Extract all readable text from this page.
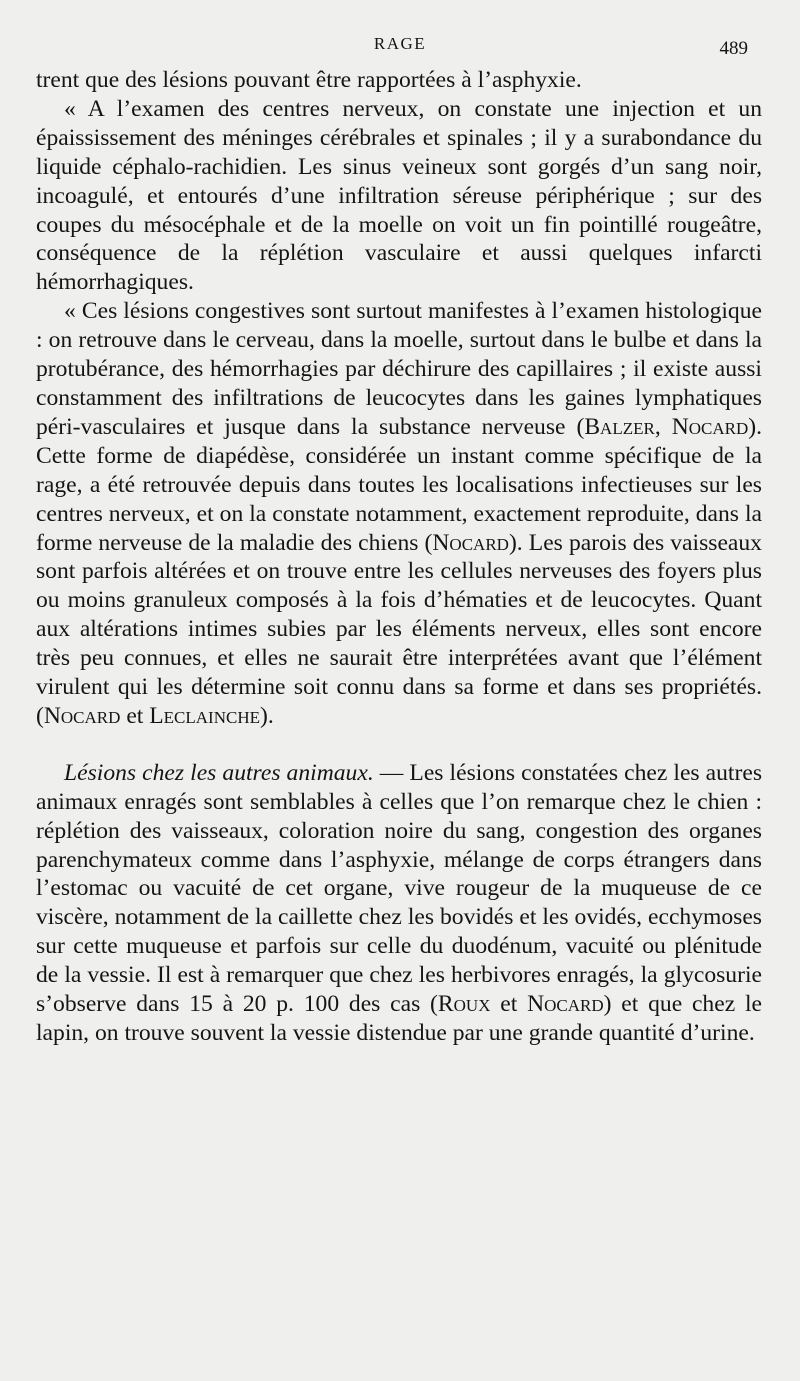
RAGE	489

trent que des lésions pouvant être rapportées à l’asphyxie.

« A l’examen des centres nerveux, on constate une injection et un épaississement des méninges cérébrales et spinales ; il y a surabondance du liquide céphalo-rachidien. Les sinus veineux sont gorgés d’un sang noir, incoagulé, et entourés d’une infiltration séreuse périphérique ; sur des coupes du mésocéphale et de la moelle on voit un fin pointillé rougeâtre, conséquence de la réplétion vasculaire et aussi quelques infarcti hémorrhagiques.

« Ces lésions congestives sont surtout manifestes à l’examen histologique : on retrouve dans le cerveau, dans la moelle, surtout dans le bulbe et dans la protubérance, des hémorrhagies par déchirure des capillaires ; il existe aussi constamment des infiltrations de leucocytes dans les gaines lymphatiques péri-vasculaires et jusque dans la substance nerveuse (Balzer, Nocard). Cette forme de diapédèse, considérée un instant comme spécifique de la rage, a été retrouvée depuis dans toutes les localisations infectieuses sur les centres nerveux, et on la constate notamment, exactement reproduite, dans la forme nerveuse de la maladie des chiens (Nocard). Les parois des vaisseaux sont parfois altérées et on trouve entre les cellules nerveuses des foyers plus ou moins granuleux composés à la fois d’hématies et de leucocytes. Quant aux altérations intimes subies par les éléments nerveux, elles sont encore très peu connues, et elles ne saurait être interprétées avant que l’élément virulent qui les détermine soit connu dans sa forme et dans ses propriétés. (Nocard et Leclainche).

Lésions chez les autres animaux. — Les lésions constatées chez les autres animaux enragés sont semblables à celles que l’on remarque chez le chien : réplétion des vaisseaux, coloration noire du sang, congestion des organes parenchymateux comme dans l’asphyxie, mélange de corps étrangers dans l’estomac ou vacuité de cet organe, vive rougeur de la muqueuse de ce viscère, notamment de la caillette chez les bovidés et les ovidés, ecchymoses sur cette muqueuse et parfois sur celle du duodénum, vacuité ou plénitude de la vessie. Il est à remarquer que chez les herbivores enragés, la glycosurie s’observe dans 15 à 20 p. 100 des cas (Roux et Nocard) et que chez le lapin, on trouve souvent la vessie distendue par une grande quantité d’urine.
